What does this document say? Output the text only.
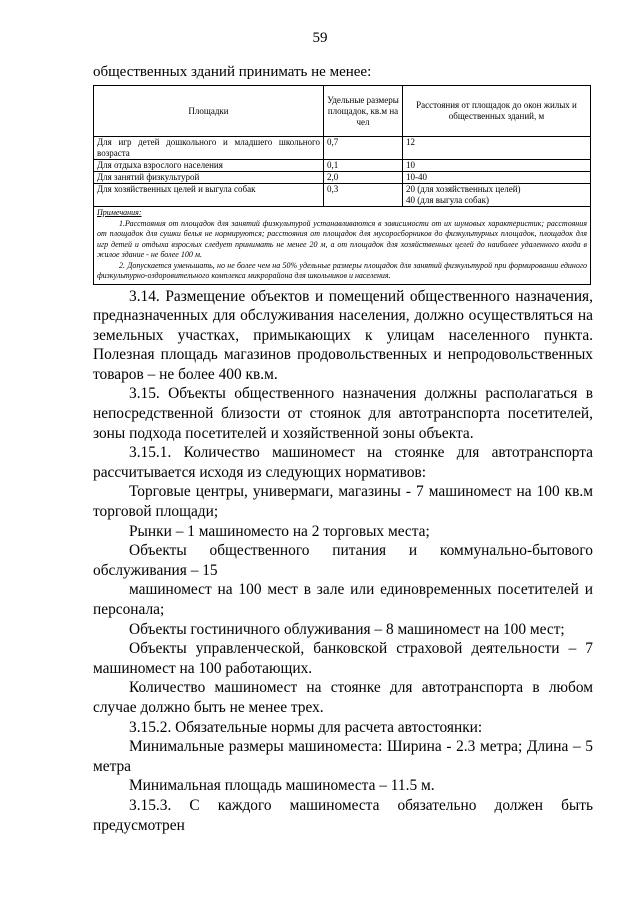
59

общественных зданий принимать не менее:

Площадки	Удельные размеры площадок, кв.м на чел	Расстояния от площадок до окон жилых и общественных зданий, м
Для игр детей дошкольного и младшего школьного возраста	0,7	12
Для отдыха взрослого населения	0,1	10
Для занятий физкультурой	2,0	10-40
Для хозяйственных целей и выгула собак	0,3	20 (для хозяйственных целей)
40 (для выгула собак)

Примечания:

1.Расстояния от площадок для занятий физкультурой устанавливаются в зависимости от их шумовых характеристик; расстояния от площадок для сушки белья не нормируются; расстояния от площадок для мусоросборников до физкультурных площадок, площадок для игр детей и отдыха взрослых следует принимать не менее 20 м, а от площадок для хозяйственных целей до наиболее удаленного входа в жилое здание - не более 100 м.

2. Допускается уменьшать, но не более чем на 50% удельные размеры площадок для занятий физкультурой при формировании единого физкультурно-оздоровительного комплекса микрорайона для школьников и населения.		

3.14. Размещение объектов и помещений общественного назначения, предназначенных для обслуживания населения, должно осуществляться на земельных участках, примыкающих к улицам населенного пункта. Полезная площадь магазинов продовольственных и непродовольственных товаров – не более 400 кв.м.

3.15. Объекты общественного назначения должны располагаться в непосредственной близости от стоянок для автотранспорта посетителей, зоны подхода посетителей и хозяйственной зоны объекта.

3.15.1. Количество машиномест на стоянке для автотранспорта рассчитывается исходя из следующих нормативов:

Торговые центры, универмаги, магазины - 7 машиномест на 100 кв.м торговой площади;

Рынки – 1 машиноместо на 2 торговых места;

Объекты общественного питания и коммунально-бытового обслуживания – 15

машиномест на 100 мест в зале или единовременных посетителей и персонала;

Объекты гостиничного облуживания – 8 машиномест на 100 мест;

Объекты управленческой, банковской страховой деятельности – 7 машиномест на 100 работающих.

Количество машиномест на стоянке для автотранспорта в любом случае должно быть не менее трех.

3.15.2. Обязательные нормы для расчета автостоянки:

Минимальные размеры машиноместа: Ширина - 2.3 метра; Длина – 5 метра

Минимальная площадь машиноместа – 11.5 м.

3.15.3. С каждого машиноместа обязательно должен быть предусмотрен
